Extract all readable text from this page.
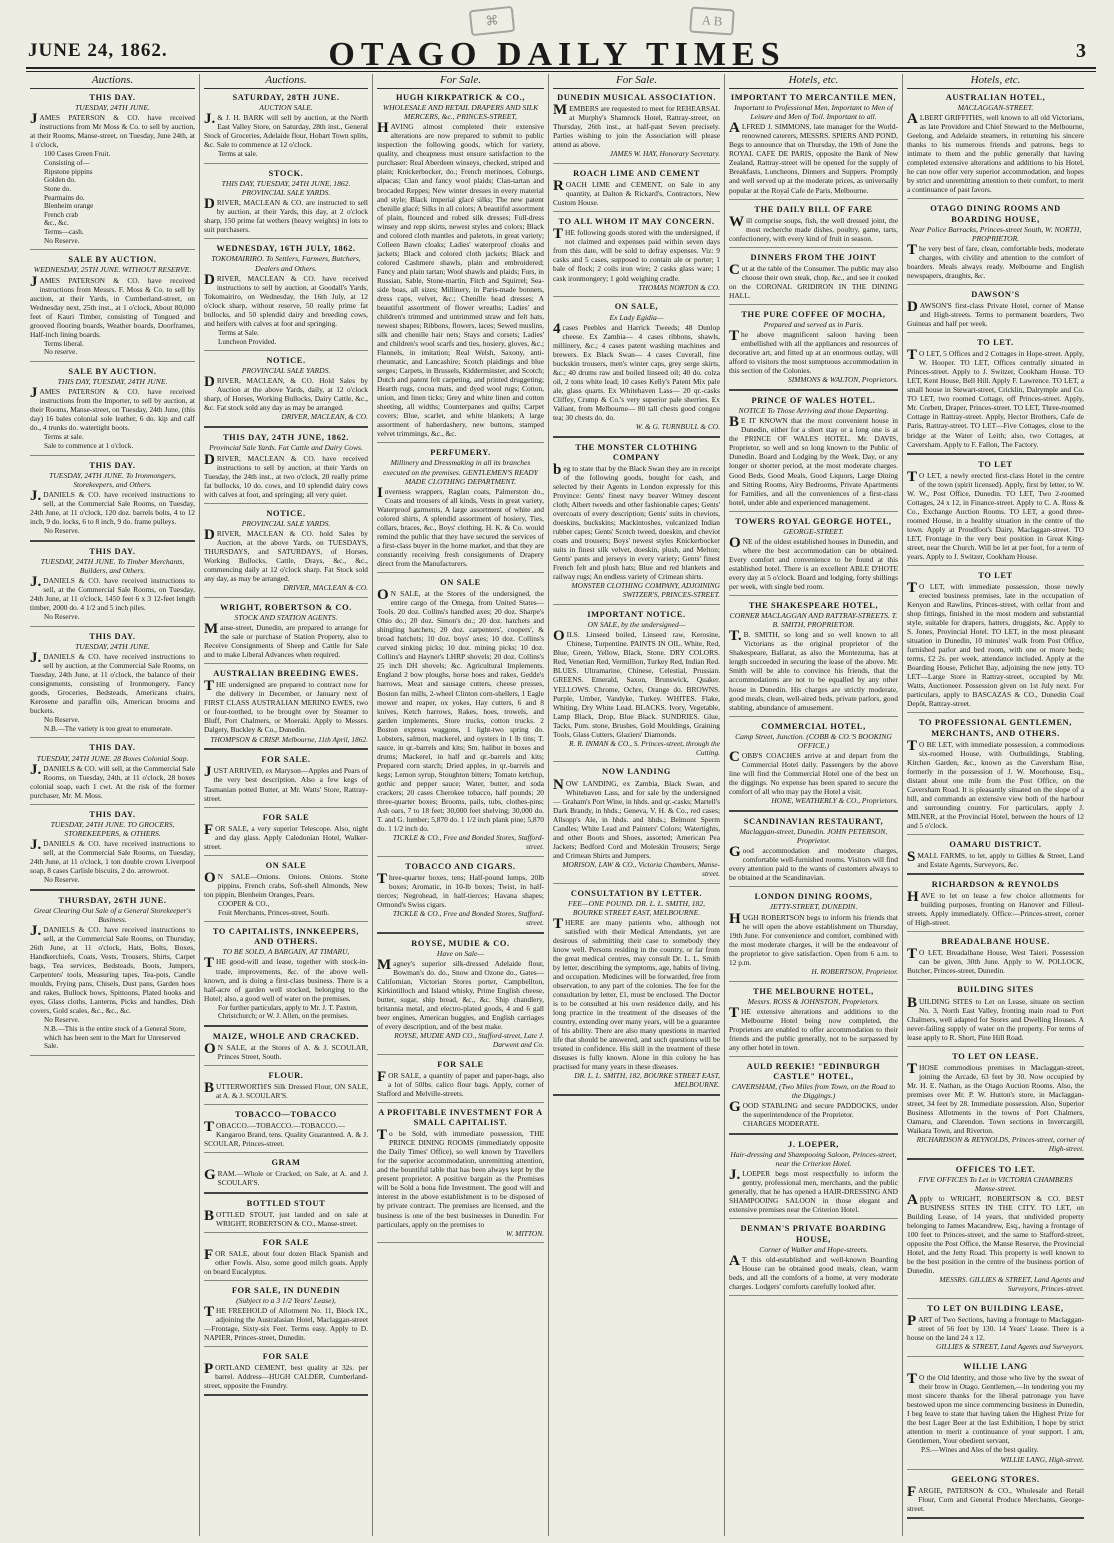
⌘	A B
JUNE 24, 1862.	OTAGO DAILY TIMES	3
Auctions.
THIS DAY.
TUESDAY, 24TH JUNE.
JAMES PATERSON & CO. have received instructions from Mr Moss & Co. to sell by auction, at their Rooms, Manse-street, on Tuesday, June 24th, at 1 o'clock,
100 Cases Green Fruit.
Consisting of—
Ripstone pippins
Golden do.
Stone do.
Pearmains do.
Blenheim orange
French crab
&c., &c.
Terms—cash.
No Reserve.
SALE BY AUCTION.
WEDNESDAY, 25TH JUNE. WITHOUT RESERVE.
JAMES PATERSON & CO. have received instructions from Messrs. F. Moss & Co. to sell by auction, at their Yards, in Cumberland-street, on Wednesday next, 25th inst., at 1 o'clock, About 80,000 feet of Kauri Timber, consisting of Tongued and grooved flooring boards, Weather boards, Doorframes, Half-inch lining boards.
Terms liberal.
No reserve.
SALE BY AUCTION.
THIS DAY, TUESDAY, 24TH JUNE.
JAMES PATERSON & CO. have received instructions from the Importer, to sell by auction, at their Rooms, Manse-street, on Tuesday, 24th June, (this day) 16 bales colonial sole leather, 6 do. kip and calf do., 4 trunks do. watertight boots.
Terms at sale.
Sale to commence at 1 o'clock.
THIS DAY.
TUESDAY, 24TH JUNE. To Ironmongers, Storekeepers, and Others.
J.DANIELS & CO. have received instructions to sell, at the Commercial Sale Rooms, on Tuesday, 24th June, at 11 o'clock, 120 doz. barrels bolts, 4 to 12 inch, 9 do. locks, 6 to 8 inch, 9 do. frame pulleys.
No Reserve.
THIS DAY.
TUESDAY, 24TH JUNE. To Timber Merchants, Builders, and Others.
J.DANIELS & CO. have received instructions to sell, at the Commercial Sale Rooms, on Tuesday, 24th June, at 11 o'clock, 1450 feet 6 x 3 12-feet length timber, 2000 do. 4 1/2 and 5 inch piles.
No Reserve.
THIS DAY.
TUESDAY, 24TH JUNE.
J.DANIELS & CO. have received instructions to sell by auction, at the Commercial Sale Rooms, on Tuesday, 24th June, at 11 o'clock, the balance of their consignments, consisting of Ironmongery, Fancy goods, Groceries, Bedsteads, Americans chairs, Kerosene and paraffin oils, American brooms and buckets.
No Reserve.
N.B.—The variety is too great to enumerate.
THIS DAY.
TUESDAY, 24TH JUNE. 28 Boxes Colonial Soap.
J.DANIELS & CO. will sell, at the Commercial Sale Rooms, on Tuesday, 24th, at 11 o'clock, 28 boxes colonial soap, each 1 cwt. At the risk of the former purchaser, Mr. M. Moss.
THIS DAY.
TUESDAY, 24TH JUNE. TO GROCERS, STOREKEEPERS, & OTHERS.
J.DANIELS & CO. have received instructions to sell, at the Commercial Sale Rooms, on Tuesday, 24th June, at 11 o'clock, 1 ton double crown Liverpool soap, 8 cases Carlisle biscuits, 2 do. arrowroot.
No Reserve.
THURSDAY, 26TH JUNE.
Great Clearing Out Sale of a General Storekeeper's Business.
J.DANIELS & CO. have received instructions to sell, at the Commercial Sale Rooms, on Thursday, 26th June, at 11 o'clock, Hats, Bolts, Boxes, Handkerchiefs, Coats, Vests, Trousers, Shirts, Carpet bags, Tea services, Bedsteads, Boots, Jumpers, Carpenters' tools, Measuring tapes, Tea-pots, Candle moulds, Frying pans, Chisels, Dust pans, Garden hoes and rakes, Bullock bows, Spittoons, Plated hooks and eyes, Glass cloths, Lanterns, Picks and handles, Dish covers, Gold scales, &c., &c., &c.
No Reserve.
N.B.—This is the entire stock of a General Store, which has been sent to the Mart for Unreserved Sale.
Auctions.
SATURDAY, 28TH JUNE.
AUCTION SALE.
J.& J. H. BARK will sell by auction, at the North East Valley Store, on Saturday, 28th inst., General Stock of Groceries, Adelaide flour, Hobart Town splits, &c. Sale to commence at 12 o'clock.
Terms at sale.
STOCK.
THIS DAY, TUESDAY, 24TH JUNE, 1862. PROVINCIAL SALE YARDS.
DRIVER, MACLEAN & CO. are instructed to sell by auction, at their Yards, this day, at 2 o'clock sharp, 150 prime fat wethers (heavy weights) in lots to suit purchasers.
WEDNESDAY, 16TH JULY, 1862.
TOKOMAIRIRO. To Settlers, Farmers, Butchers, Dealers and Others.
DRIVER, MACLEAN & CO. have received instructions to sell by auction, at Goodall's Yards, Tokomairiro, on Wednesday, the 16th July, at 12 o'clock sharp, without reserve, 50 really prime fat bullocks, and 50 splendid dairy and breeding cows, and heifers with calves at foot and springing.
Terms at Sale.
Luncheon Provided.
NOTICE.
PROVINCIAL SALE YARDS.
DRIVER, MACLEAN, & CO. Hold Sales by Auction at the above Yards, daily, at 12 o'clock sharp, of Horses, Working Bullocks, Dairy Cattle, &c., &c. Fat stock sold any day as may be arranged.
DRIVER, MACLEAN, & CO.
THIS DAY, 24TH JUNE, 1862.
Provincial Sale Yards. Fat Cattle and Dairy Cows.
DRIVER, MACLEAN & CO. have received instructions to sell by auction, at their Yards on Tuesday, the 24th inst., at two o'clock, 20 really prime fat bullocks, 10 do. cows, and 10 splendid dairy cows with calves at foot, and springing; all very quiet.
NOTICE.
PROVINCIAL SALE YARDS.
DRIVER, MACLEAN & CO. hold Sales by Auction, at the above Yards, on TUESDAYS, THURSDAYS, and SATURDAYS, of Horses, Working Bullocks, Cattle, Drays, &c., &c., commencing daily at 12 o'clock sharp. Fat Stock sold any day, as may be arranged.
DRIVER, MACLEAN & CO.
WRIGHT, ROBERTSON & CO.
STOCK AND STATION AGENTS.
Manse-street, Dunedin, are prepared to arrange for the sale or purchase of Station Property, also to Receive Consignments of Sheep and Cattle for Sale and to make Liberal Advances when required.
AUSTRALIAN BREEDING EWES.
THE undersigned are prepared to contract now for the delivery in December, or January next of FIRST CLASS AUSTRALIAN MERINO EWES, two or four-toothed, to be brought over by Steamer to Bluff, Port Chalmers, or Moeraki. Apply to Messrs. Dalgety, Buckley & Co., Dunedin.
THOMPSON & CRISP. Melbourne, 11th April, 1862.
FOR SALE.
JUST ARRIVED, ex Maryson—Apples and Pears of the very best description. Also a few kegs of Tasmanian potted Butter, at Mr. Watts' Store, Rattray-street.
FOR SALE
FOR SALE, a very superior Telescope. Also, night and day glass. Apply Caledonian Hotel, Walker-street.
ON SALE
ON SALE—Onions. Onions. Onions. Stone pippins, French crabs, Soft-shell Almonds, New ton pippin, Blenheim Oranges, Pears.
COOPER & CO.,
Fruit Merchants, Princes-street, South.
TO CAPITALISTS, INNKEEPERS, AND OTHERS.
TO BE SOLD, A BARGAIN, AT TIMARU,
THE good-will and lease, together with stock-in-trade, improvements, &c. of the above well-known, and is doing a first-class business. There is a half-acre of garden well stocked, belonging to the Hotel; also, a good well of water on the premises.
For further particulars, apply to Mr. J. T. Paxton, Christchurch; or W. J. Allen, on the premises.
MAIZE, WHOLE AND CRACKED.
ON SALE, at the Stores of A. & J. SCOULAR, Princes Street, South.
FLOUR.
BUTTERWORTH'S Silk Dressed Flour, ON SALE, at A. & J. SCOULAR'S.
TOBACCO—TOBACCO
TOBACCO.—TOBACCO.—TOBACCO.—Kangaroo Brand, tens. Quality Guaranteed. A. & J. SCOULAR, Princes-street.
GRAM
GRAM.—Whole or Cracked, on Sale, at A. and J. SCOULAR'S.
BOTTLED STOUT
BOTTLED STOUT, just landed and on sale at WRIGHT, ROBERTSON & CO., Manse-street.
FOR SALE
FOR SALE, about four dozen Black Spanish and other Fowls. Also, some good milch goats. Apply on board Eucalyptus.
FOR SALE, IN DUNEDIN
(Subject to a 3 1/2 Years' Lease),
THE FREEHOLD of Allotment No. 11, Block IX., adjoining the Australasian Hotel, Maclaggan-street—Frontage, Sixty-six Feet. Terms easy. Apply to D. NAPIER, Princes-street, Dunedin.
FOR SALE
PORTLAND CEMENT, best quality at 32s. per barrel. Address—HUGH CALDER, Cumberland-street, opposite the Foundry.
For Sale.
HUGH KIRKPATRICK & CO.,
WHOLESALE AND RETAIL DRAPERS AND SILK MERCERS, &c., PRINCES-STREET,
HAVING almost completed their extensive alterations are now prepared to submit to public inspection the following goods, which for variety, quality, and cheapness must ensure satisfaction to the purchaser: Real Aberdeen winseys, checked, striped and plain; Knickerbocker, do.; French merinoes, Coburgs, alpacas; Clan and fancy wool plaids; Clan-tartan and brocaded Reppes; New winter dresses in every material and style; Black imperial glacé silks; The new patent chenille glacé; Silks in all colors; A beautiful assortment of plain, flounced and robed silk dresses; Full-dress winsey and repp skirts, newest styles and colors; Black and colored cloth mantles and paletots, in great variety; Colleen Bawn cloaks; Ladies' waterproof cloaks and jackets; Black and colored cloth jackets; Black and colored Cashmere shawls, plain and embroidered; Fancy and plain tartan; Wool shawls and plaids; Furs, in Russian, Sable, Stone-martin, Fitch and Squirrel; Sea-side boas, all sizes; Millinery, in Paris-made bonnets, dress caps, velvet, &c.; Chenille head dresses; A beautiful assortment of flower wreaths; Ladies' and children's trimmed and untrimmed straw and felt hats, newest shapes; Ribbons, flowers, laces; Sewed muslins, silk and chenille hair nets; Stays and corsets; Ladies' and children's wool scarfs and ties, hosiery, gloves, &c.; Flannels, in imitation; Real Welsh, Saxony, anti-rheumatic, and Lancashire; Scotch plaidings and blue serges; Carpets, in Brussels, Kidderminster, and Scotch; Dutch and patent felt carpeting, and printed druggeting; Hearth rugs, cocoa mats, and dyed wool rugs; Cotton, union, and linen ticks; Grey and white linen and cotton sheeting, all widths; Counterpanes and quilts; Carpet covers; Blue, scarlet, and white blankets; A large assortment of haberdashery, new buttons, stamped velvet trimmings, &c., &c.
PERFUMERY.
Millinery and Dressmaking in all its branches executed on the premises. GENTLEMEN'S READY MADE CLOTHING DEPARTMENT.
Inverness wrappers, Raglan coats, Palmerston do., Coats and trousers of all kinds, Vests in great variety, Waterproof garments, A large assortment of white and colored shirts, A splendid assortment of hosiery, Ties, collars, braces, &c., Boys' clothing. H. K. & Co. would remind the public that they have secured the services of a first-class buyer in the home market, and that they are constantly receiving fresh consignments of Drapery direct from the Manufacturers.
ON SALE
ON SALE, at the Stores of the undersigned, the entire cargo of the Omega, from United States— Tools. 20 doz. Collins's handled axes; 20 doz. Sharpe's Ohio do.; 20 doz. Simon's do.; 20 doz. hatchets and shingling hatchets; 20 doz. carpenters', coopers', & broad hatchets; 10 doz. boys' axes; 10 doz. Collins's curved sinking picks; 10 doz. mining picks; 10 doz. Collins's and Hayner's LHRP shovels; 20 doz. Collins's 25 inch DH shovels; &c. Agricultural Implements. England 2 bow ploughs, horse hoes and rakes, Gedde's harrows, Meat and sausage cutters, cheese presses, Boston fan mills, 2-wheel Clinton corn-shellers, 1 Eagle mower and reaper, ox yokes, Hay cutters, 6 and 8 knives, Ketch harrows, Rakes, hoes, trowels, and garden implements, Store trucks, cotton trucks. 2 Boston express waggons, 1 light-two spring do. Lobsters, salmon, mackerel, and oysters in 1 lb tins; T. sauce, in qr.-barrels and kits; Sm. halibut in boxes and drums; Mackerel, in half and qr.-barrels and kits; Prepared corn starch; Dried apples, in qr.-barrels and kegs; Lemon syrup, Stoughton bitters; Tomato ketchup, gothic and pepper sauce; Water, butter, and soda crackers; 20 cases Cherokee tobacco, half pounds; 20 three-quarter boxes; Brooms, pails, tubs, clothes-pins; Ash oars, 7 to 18 feet; 30,000 feet shelving; 30,000 do. T. and G. lumber; 5,870 do. 1 1/2 inch plank pine; 5,870 do. 1 1/2 inch do.
TICKLE & CO., Free and Bonded Stores, Stafford-street.
TOBACCO AND CIGARS.
Three-quarter boxes, tens; Half-pound lumps, 20lb boxes; Aromatic, in 10-lb boxes; Twist, in half-tierces; Negrohead, in half-tierces; Havana shapes; Ormond's Swiss cigars.
TICKLE & CO., Free and Bonded Stores, Stafford-street.
ROYSE, MUDIE & CO.
Have on Sale—
Magney's superior silk-dressed Adelaide flour, Bowman's do. do., Snow and Ozone do., Gates—Californian, Victorian Stores porter, Campbellton, Kirkintilloch and Island whisky, Prime English cheese, butter, sugar, ship bread, &c., &c. Ship chandlery, britannia metal, and electro-plated goods, 4 and 6 gall beer engines, American buggies, and English carriages of every description, and of the best make.
ROYSE, MUDIE AND CO., Stafford-street, Late J. Darwent and Co.
FOR SALE
FOR SALE, a quantity of paper and paper-bags, also a lot of 50lbs. calico flour bags. Apply, corner of Stafford and Melville-streets.
A PROFITABLE INVESTMENT FOR A SMALL CAPITALIST.
To be Sold, with immediate possession, THE PRINCE DINING ROOMS (immediately opposite the Daily Times' Office), so well known by Travellers for the superior accommodation, unremitting attention, and the bountiful table that has been always kept by the present proprietor. A positive bargain as the Premises will be Sold a bona fide Investment. The good will and interest in the above establishment is to be disposed of by private contract. The premises are licensed, and the business is one of the best businesses in Dunedin. For particulars, apply on the premises to
W. MITTON.
For Sale.
DUNEDIN MUSICAL ASSOCIATION.
MEMBERS are requested to meet for REHEARSAL at Murphy's Shamrock Hotel, Rattray-street, on Thursday, 26th inst., at half-past Seven precisely. Parties wishing to join the Association will please attend as above.
JAMES W. HAY, Honorary Secretary.
ROACH LIME AND CEMENT
ROACH LIME and CEMENT, on Sale in any quantity, at Dalton & Rickard's, Contractors, New Custom House.
TO ALL WHOM IT MAY CONCERN.
THE following goods stored with the undersigned, if not claimed and expenses paid within seven days from this date, will be sold to defray expenses. Viz: 9 casks and 5 cases, supposed to contain ale or porter; 1 bale of flock; 2 coils iron wire; 2 casks glass ware; 1 cask ironmongery; 1 gold weighing cradle.
THOMAS NORTON & CO.
ON SALE,
Ex Lady Egidia—
4cases Peebles and Harrick Tweeds; 48 Dunlop cheese. Ex Zambia— 4 cases ribbons, shawls, millinery, &c.; 4 cases patent washing machines and brewers. Ex Black Swan— 4 cases Cuverall, fine buckskin trousers, men's winter caps, grey serge skirts, &c.; 40 drums raw and boiled linseed oil; 40 do. colza oil, 2 tons white lead; 10 cases Kelly's Patent Mix pale ale, glass quarts. Ex Whitehaven Lass— 20 qr.-casks Cliffey, Crump & Co.'s very superior pale sherries. Ex Valiant, from Melbourne— 80 tall chests good congou tea; 30 chests do. do.
W. & G. TURNBULL & CO.
THE MONSTER CLOTHING COMPANY
beg to state that by the Black Swan they are in receipt of the following goods, bought for cash, and selected by their Agents in London expressly for this Province: Gents' finest navy beaver Witney descent cloth; Albert tweeds and other fashionable capes; Gents' overcoats of every description; Gents' suits in cheviots, doeskins, buckskins; Mackintoshes, vulcanized Indian rubber capes; Gents' Scotch tweed, doeskin, and cheviot coats and trousers; Boys' newest styles Knickerbocker suits in finest silk velvet, doeskin, plush, and Melton; Gents' pants and jerseys in every variety; Gents' finest French felt and plush hats; Blue and red blankets and railway rugs; An endless variety of Crimean shirts.
MONSTER CLOTHING COMPANY, ADJOINING SWITZER'S, PRINCES-STREET.
IMPORTANT NOTICE.
ON SALE, by the undersigned—
OILS. Linseed boiled, Linseed raw, Kerosine, Chinese, Turpentine. PAINTS IN OIL. White, Red, Blue, Green, Yellow, Black, Stone. DRY COLORS. Red, Venetian Red, Vermillion, Turkey Red, Indian Red. BLUES. Ultramarine, Chinese, Celestial, Prussian. GREENS. Emerald, Saxon, Brunswick, Quaker. YELLOWS. Chrome, Ochre, Orange do. BROWNS. Purple, Umber, Vandyke, Turkey. WHITES. Flake, Whiting, Dry White Lead. BLACKS. Ivory, Vegetable, Lamp Black, Drop, Blue Black. SUNDRIES. Glue, Tacks, Pum. stone, Brushes, Gold Mouldings, Graining Tools, Glass Cutters, Glaziers' Diamonds.
R. R. INMAN & CO., S. Princes-street, through the Cutting.
NOW LANDING
NOW LANDING, ex Zambia, Black Swan, and Whitehaven Lass, and for sale by the undersigned— Graham's Port Wine, in hhds. and qr.-casks; Martell's Dark Brandy, in hhds.; Geneva, V. H. & Co., red cases; Allsopp's Ale, in hhds. and hhds.; Belmont Sperm Candles; White Lead and Painters' Colors; Watertights, and other Boots and Shoes, assorted; American Pea Jackets; Bedford Cord and Moleskin Trousers; Serge and Crimean Shirts and Jumpers.
MORISON, LAW & CO., Victoria Chambers, Manse-street.
CONSULTATION BY LETTER.
FEE—ONE POUND. DR. L. L. SMITH, 182, BOURKE STREET EAST, MELBOURNE.
THERE are many patients who, although not satisfied with their Medical Attendants, yet are desirous of submitting their case to somebody they know well. Persons residing in the country, or far from the great medical centres, may consult Dr. L. L. Smith by letter, describing the symptoms, age, habits of living, and occupation. Medicines will be forwarded, free from observation, to any part of the colonies. The fee for the consultation by letter, £1, must be enclosed. The Doctor is to be consulted at his own residence daily, and his long practice in the treatment of the diseases of the country, extending over many years, will be a guarantee of his ability. There are also many questions in married life that should be answered, and such questions will be treated in confidence. His skill in the treatment of these diseases is fully known. Alone in this colony he has practised for many years in these diseases.
DR. L. L. SMITH, 182, BOURKE STREET EAST, MELBOURNE.
Hotels, etc.
IMPORTANT TO MERCANTILE MEN,
Important to Professional Men, Important to Men of Leisure and Men of Toil. Important to all.
ALFRED J. SIMMONS, late manager for the World-renowned caterers, MESSRS. SPIERS AND POND, Begs to announce that on Thursday, the 19th of June the ROYAL CAFE DE PARIS, opposite the Bank of New Zealand, Rattray-street will be opened for the supply of Breakfasts, Luncheons, Dinners and Suppers. Promptly and well served up at the moderate prices, as universally popular at the Royal Cafe de Paris, Melbourne.
THE DAILY BILL OF FARE
Will comprise soups, fish, the well dressed joint, the most recherche made dishes, poultry, game, tarts, confectionery, with every kind of fruit in season.
DINNERS FROM THE JOINT
Cut at the table of the Consumer. The public may also choose their own steak, chop, &c., and see it cooked on the CORONAL GRIDIRON IN THE DINING HALL.
THE PURE COFFEE OF MOCHA,
Prepared and served as in Paris.
The above magnificent saloon having been embellished with all the appliances and resources of decorative art, and fitted up at an enormous outlay, will afford to visitors the most sumptuous accommodation in this section of the Colonies.
SIMMONS & WALTON, Proprietors.
PRINCE OF WALES HOTEL.
NOTICE To Those Arriving and those Departing.
BE IT KNOWN that the most convenient house in Dunedin, either for a short stay or a long one is at the PRINCE OF WALES HOTEL. Mr. DAVIS, Proprietor, so well and so long known to the Public of Dunedin. Board and Lodging by the Week, Day, or any longer or shorter period, at the most moderate charges. Good Beds, Good Meals, Good Liquors, Large Dining and Sitting Rooms, Airy Bedrooms, Private Apartments for Families, and all the conveniences of a first-class hotel, under able and experienced management.
TOWERS ROYAL GEORGE HOTEL,
GEORGE-STREET.
ONE of the oldest established houses in Dunedin, and where the best accommodation can be obtained. Every comfort and convenience to be found at this established hotel. There is an excellent ABLE D'HOTE every day at 5 o'clock. Board and lodging, forty shillings per week, with single bed room.
THE SHAKESPEARE HOTEL,
CORNER MACLAGGAN AND RATTRAY-STREETS. T. B. SMITH, PROPRIETOR.
T.B. SMITH, so long and so well known to all Victorians as the original proprietor of the Shakespeare, Ballarat, as also the Montezuma, has at length succeeded in securing the lease of the above. Mr. Smith will be able to convince his friends, that the accommodations are not to be equalled by any other house in Dunedin. His charges are strictly moderate, good meals, clean, well-aired beds, private parlors, good stabling, abundance of amusement.
COMMERCIAL HOTEL,
Camp Street, Junction. (COBB & CO.'S BOOKING OFFICE.)
COBB'S COACHES arrive at and depart from the Commercial Hotel daily. Passengers by the above line will find the Commercial Hotel one of the best on the diggings. No expense has been spared to secure the comfort of all who may pay the Hotel a visit.
HONE, WEATHERLY & CO., Proprietors.
SCANDINAVIAN RESTAURANT,
Maclaggan-street, Dunedin. JOHN PETERSON, Proprietor.
Good accommodation and moderate charges, comfortable well-furnished rooms. Visitors will find every attention paid to the wants of customers always to be obtained at the Scandinavian.
LONDON DINING ROOMS,
JETTY-STREET, DUNEDIN.
HUGH ROBERTSON begs to inform his friends that he will open the above establishment on Thursday, 19th June. For convenience and comfort, combined with the most moderate charges, it will be the endeavour of the proprietor to give satisfaction. Open from 6 a.m. to 12 p.m.
H. ROBERTSON, Proprietor.
THE MELBOURNE HOTEL,
Messrs. ROSS & JOHNSTON, Proprietors.
THE extensive alterations and additions to the Melbourne Hotel being now completed, the Proprietors are enabled to offer accommodation to their friends and the public generally, not to be surpassed by any other hotel in town.
AULD REEKIE! "EDINBURGH CASTLE" HOTEL,
CAVERSHAM, (Two Miles from Town, on the Road to the Diggings.)
GOOD STABLING and secure PADDOCKS, under the superintendence of the Proprietor.
CHARGES MODERATE.
J. LOEPER,
Hair-dressing and Shampooing Saloon, Princes-street, near the Criterion Hotel.
J.LOEPER begs most respectfully to inform the gentry, professional men, merchants, and the public generally, that he has opened a HAIR-DRESSING AND SHAMPOOING SALOON in those elegant and extensive premises near the Criterion Hotel.
DENMAN'S PRIVATE BOARDING HOUSE,
Corner of Walker and Hope-streets.
AT this old-established and well-known Boarding House can be obtained good meals, clean, warm beds, and all the comforts of a home, at very moderate charges. Lodgers' comforts carefully looked after.
Hotels, etc.
AUSTRALIAN HOTEL,
MACLAGGAN-STREET.
ALBERT GRIFFITHS, well known to all old Victorians, as late Providore and Chief Steward to the Melbourne, Geelong, and Adelaide steamers, in returning his sincere thanks to his numerous friends and patrons, begs to intimate to them and the public generally that having completed extensive alterations and additions to his Hotel, he can now offer very superior accommodation, and hopes by strict and unremitting attention to their comfort, to merit a continuance of past favors.
OTAGO DINING ROOMS AND BOARDING HOUSE,
Near Police Barracks, Princes-street South, W. NORTH, PROPRIETOR.
The very best of fare, clean, comfortable beds, moderate charges, with civility and attention to the comfort of boarders. Meals always ready. Melbourne and English newspapers, draughts, &c.
DAWSON'S
DAWSON'S first-class Private Hotel, corner of Manse and High-streets. Terms to permanent boarders, Two Guineas and half per week.
TO LET.
TO LET, 5 Offices and 2 Cottages in Hope-street. Apply, W. Hooper. TO LET, Offices centrally situated in Princes-street. Apply to J. Switzer, Cookham House. TO LET, Kent House, Bell Hill. Apply F. Lawrence. TO LET, a small house in Stewart-street, Cricklin, Dalrymple and Co. TO LET, two roomed Cottage, off Princes-street. Apply, Mr. Corbett, Draper, Princes-street. TO LET, Three-roomed Cottage in Rattray-street. Apply, Hector Brothers, Cafe de Paris, Rattray-street. TO LET—Five Cottages, close to the bridge at the Water of Leith; also, two Cottages, at Caversham. Apply to F. Fallon, The Factory.
TO LET
TO LET, a newly erected first-class Hotel in the centre of the town (spirit licensed). Apply, first by letter, to W. W. W., Post Office, Dunedin. TO LET, Two 2-roomed Cottages, 24 x 12, in Finance-street. Apply to C. A. Ross & Co., Exchange Auction Rooms. TO LET, a good three-roomed House, in a healthy situation in the centre of the town. Apply at Proudfoot's Dairy, Maclaggan-street. TO LET, Frontage in the very best position in Great King-street, near the Church. Will be let at per foot, for a term of years. Apply to J. Switzer, Cookham House.
TO LET
TO LET, with immediate possession, those newly erected business premises, late in the occupation of Kenyon and Rawlins, Princes-street, with cellar front and shop fittings, finished in the most modern and substantial style, suitable for drapers, hatters, druggists, &c. Apply to S. Jones, Provincial Hotel. TO LET, in the most pleasant situation in Dunedin, 10 minutes' walk from Post Office, furnished parlor and bed room, with one or more beds; terms, £2 2s. per week, attendance included. Apply at the Boarding House, Pelichet Bay, adjoining the new jetty. TO LET—Large Store in Rattray-street, occupied by Mr. Watts, Auctioneer. Possession given on 1st July next. For particulars, apply to BASCAZAS & CO., Dunedin Coal Depôt, Rattray-street.
TO PROFESSIONAL GENTLEMEN, MERCHANTS, AND OTHERS.
TO BE LET, with immediate possession, a commodious six-roomed House, with Outbuildings, Stabling, Kitchen Garden, &c., known as the Caversham Rise, formerly in the possession of J. W. Moorhouse, Esq., distant about one mile from the Post Office, on the Caversham Road. It is pleasantly situated on the slope of a hill, and commands an extensive view both of the harbour and surrounding country. For particulars, apply J. MILNER, at the Provincial Hotel, between the hours of 12 and 5 o'clock.
OAMARU DISTRICT.
SMALL FARMS, to let, apply to Gillies & Street, Land and Estate Agents, Surveyors, &c.
RICHARDSON & REYNOLDS
HAVE to let on lease a few choice allotments for building purposes, fronting on Hanover and Filleul-streets. Apply immediately. Office:—Princes-street, corner of High-street.
BREADALBANE HOUSE.
TO LET, Breadalbane House, West Taieri. Possession can be given, 30th June. Apply to W. POLLOCK, Butcher, Princes-street, Dunedin.
BUILDING SITES
BUILDING SITES to Let on Lease, situate on section No. 3, North East Valley, fronting main road to Port Chalmers, well adapted for Stores and Dwelling Houses. A never-failing supply of water on the property. For terms of lease apply to R. Short, Pine Hill Road.
TO LET ON LEASE.
THOSE commodious premises in Maclaggan-street, joining the Arcade, 63 feet by 30. Now occupied by Mr. H. E. Nathan, as the Otago Auction Rooms. Also, the premises over Mr. P. W. Hutton's store, in Maclaggan-street, 34 feet by 28. Immediate possession. Also, Superior Business Allotments in the towns of Port Chalmers, Oamaru, and Clarendon. Town sections in Invercargill, Waikara Town, and Riverton.
RICHARDSON & REYNOLDS, Princes-street, corner of High-street.
OFFICES TO LET.
FIVE OFFICES To Let in VICTORIA CHAMBERS Manse-street.
Apply to WRIGHT, ROBERTSON & CO. BEST BUSINESS SITES IN THE CITY. TO LET, on Building Lease, of 14 years, that undivided property belonging to James Macandrew, Esq., having a frontage of 100 feet to Princes-street, and the same to Stafford-street, opposite the Post Office, the Manse Reserve, the Provincial Hotel, and the Jetty Road. This property is well known to be the best position in the centre of the business portion of Dunedin.
MESSRS. GILLIES & STREET, Land Agents and Surveyors, Princes-street.
TO LET ON BUILDING LEASE,
PART of Two Sections, having a frontage to Maclaggan-street of 56 feet by 130. 14 Years' Lease. There is a house on the land 24 x 12.
GILLIES & STREET, Land Agents and Surveyors.
WILLIE LANG
TO the Old Identity, and those who live by the sweat of their brow in Otago. Gentlemen,—In tendering you my most sincere thanks for the liberal patronage you have bestowed upon me since commencing business in Dunedin, I beg leave to state that having taken the Highest Prize for the best Lager Beer at the last Exhibition, I hope by strict attention to merit a continuance of your support. I am, Gentlemen, Your obedient servant,
P.S.—Wines and Ales of the best quality.
WILLIE LANG, High-street.
GEELONG STORES.
FARGIE, PATERSON & CO., Wholesale and Retail Flour, Corn and General Produce Merchants, George-street.
